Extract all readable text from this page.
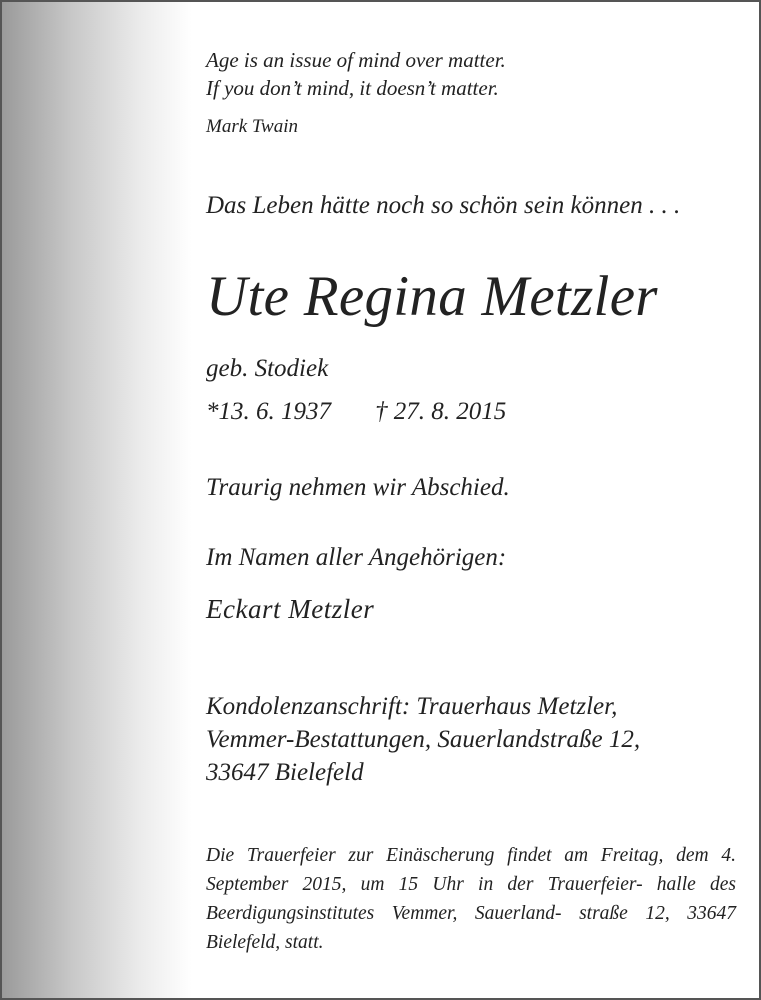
Age is an issue of mind over matter.
If you don’t mind, it doesn’t matter.
Mark Twain
Das Leben hätte noch so schön sein können . . .
Ute Regina Metzler
geb. Stodiek
*13. 6. 1937 † 27. 8. 2015
Traurig nehmen wir Abschied.
Im Namen aller Angehörigen:
Eckart Metzler
Kondolenzanschrift: Trauerhaus Metzler,
Vemmer-Bestattungen, Sauerlandstraße 12,
33647 Bielefeld
Die Trauerfeier zur Einäscherung findet am Freitag, dem 4. September 2015, um 15 Uhr in der Trauerfeier- halle des Beerdigungsinstitutes Vemmer, Sauerland- straße 12, 33647 Bielefeld, statt.
